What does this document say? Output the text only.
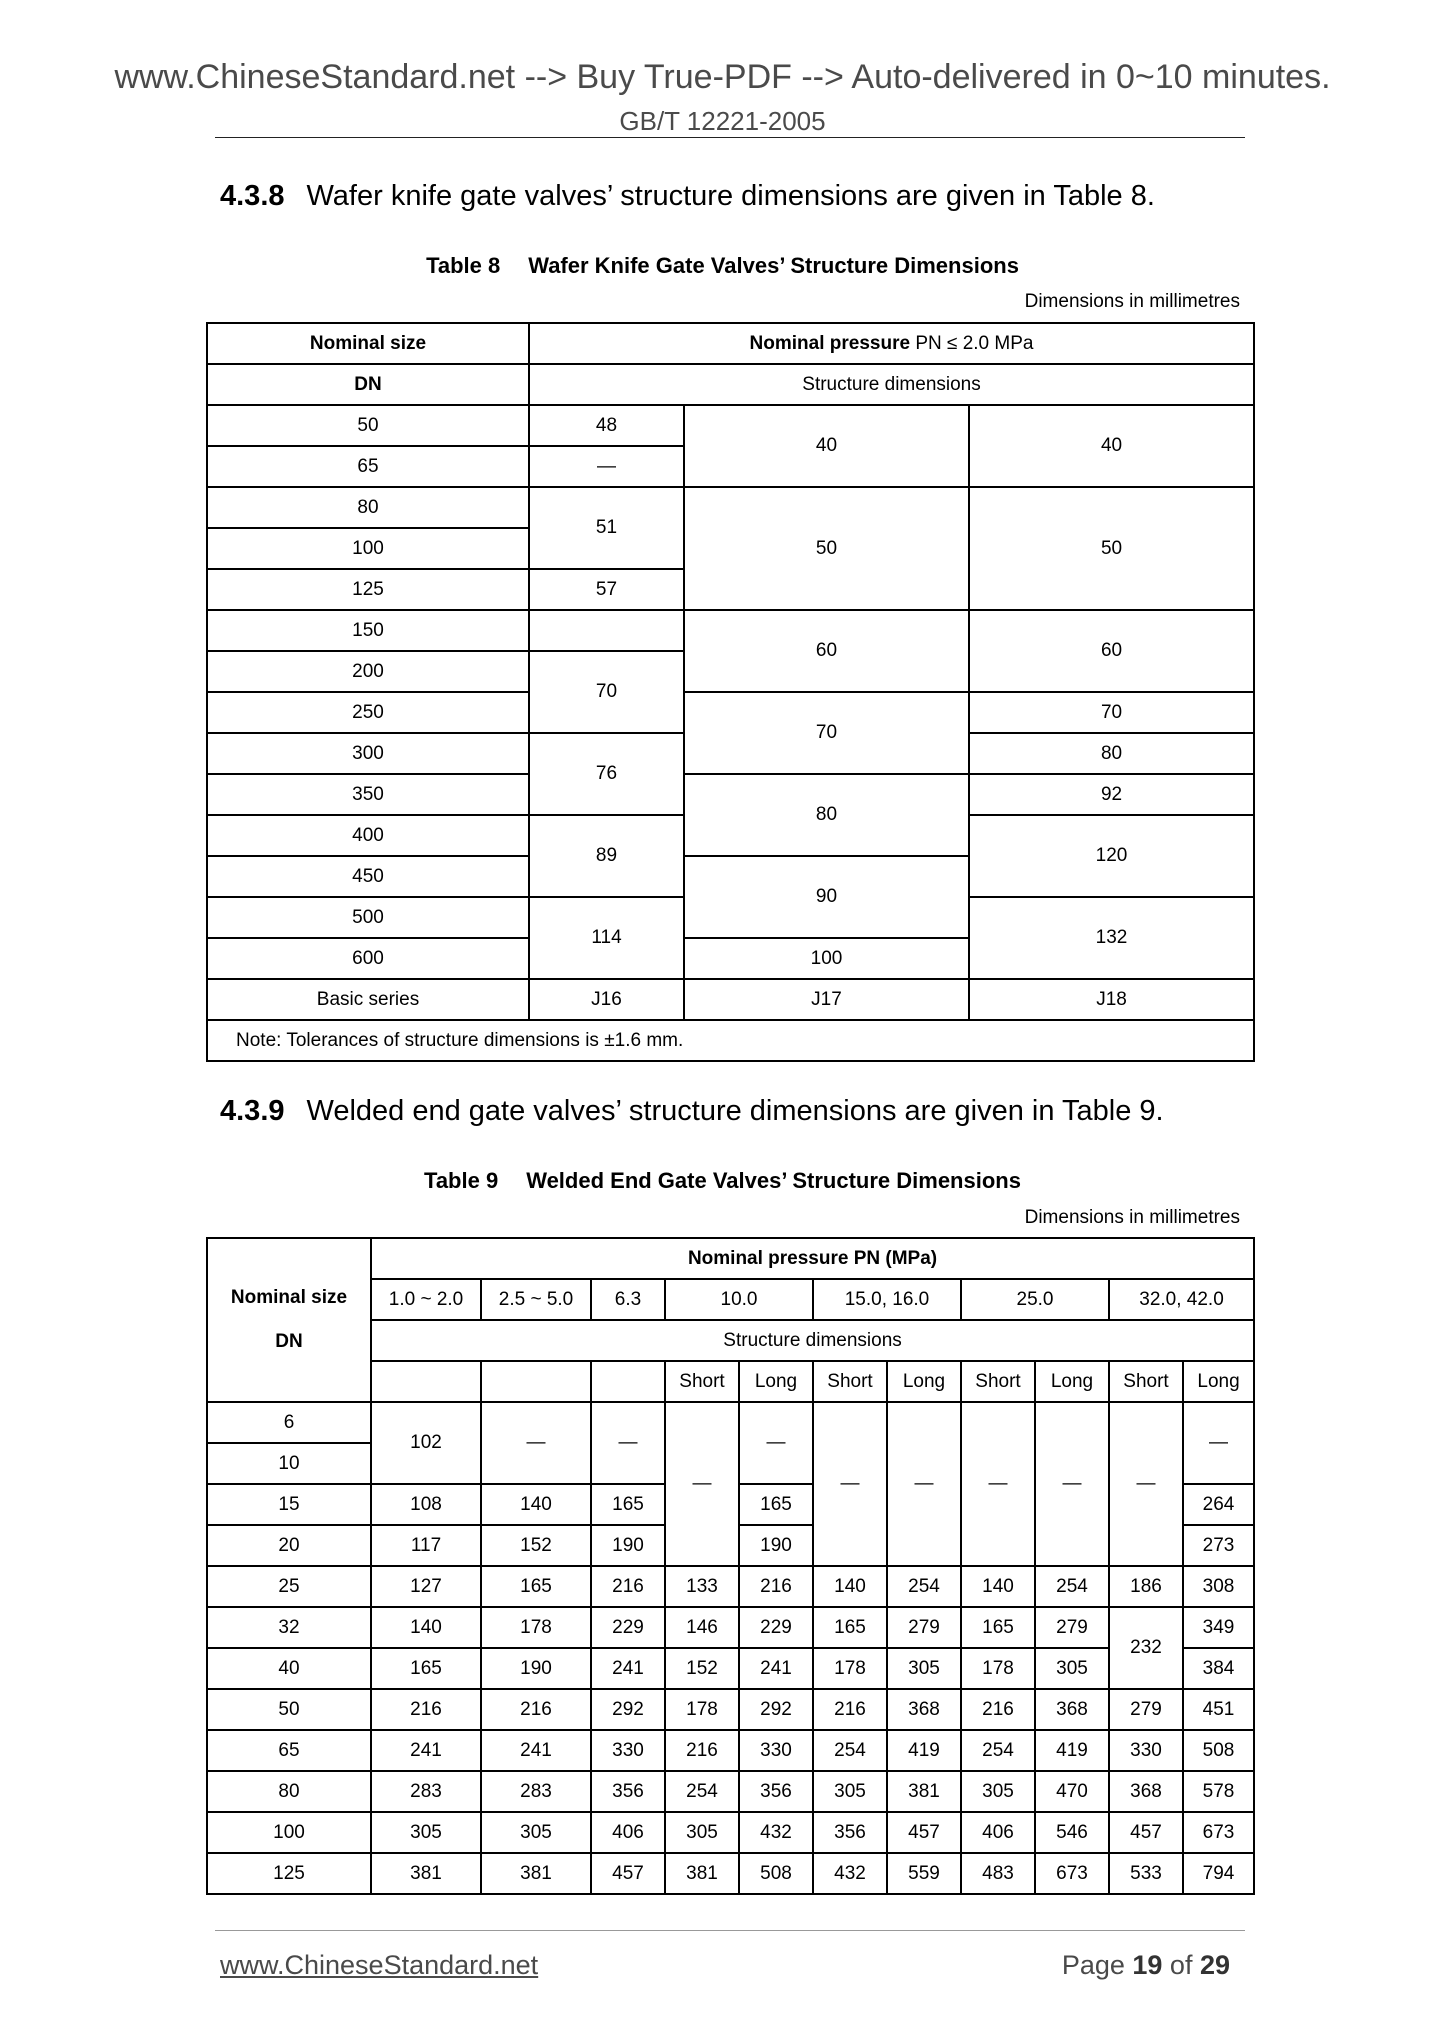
www.ChineseStandard.net --> Buy True-PDF --> Auto-delivered in 0~10 minutes.
GB/T 12221-2005
4.3.8 Wafer knife gate valves’ structure dimensions are given in Table 8.
Table 8 Wafer Knife Gate Valves’ Structure Dimensions
Dimensions in millimetres
Nominal size	Nominal pressure PN ≤ 2.0 MPa		
DN	Structure dimensions		
50	48	40	40
65	—		
80	51	50	50
100			
125	57		
150		60	60
200	70		
250		70	70
300	76		80
350		80	92
400	89		120
450		90	
500	114		132
600		100	
Basic series	J16	J17	J18
Note: Tolerances of structure dimensions is ±1.6 mm.			
4.3.9 Welded end gate valves’ structure dimensions are given in Table 9.
Table 9 Welded End Gate Valves’ Structure Dimensions
Dimensions in millimetres
Nominal size

DN	Nominal pressure PN (MPa)										
	1.0 ~ 2.0	2.5 ~ 5.0	6.3	10.0		15.0, 16.0		25.0		32.0, 42.0	
	Structure dimensions										
				Short	Long	Short	Long	Short	Long	Short	Long
6	102	—	—	—	—	—	—	—	—	—	—
10											
15	108	140	165		165						264
20	117	152	190		190						273
25	127	165	216	133	216	140	254	140	254	186	308
32	140	178	229	146	229	165	279	165	279	232	349
40	165	190	241	152	241	178	305	178	305		384
50	216	216	292	178	292	216	368	216	368	279	451
65	241	241	330	216	330	254	419	254	419	330	508
80	283	283	356	254	356	305	381	305	470	368	578
100	305	305	406	305	432	356	457	406	546	457	673
125	381	381	457	381	508	432	559	483	673	533	794
www.ChineseStandard.net	Page 19 of 29
